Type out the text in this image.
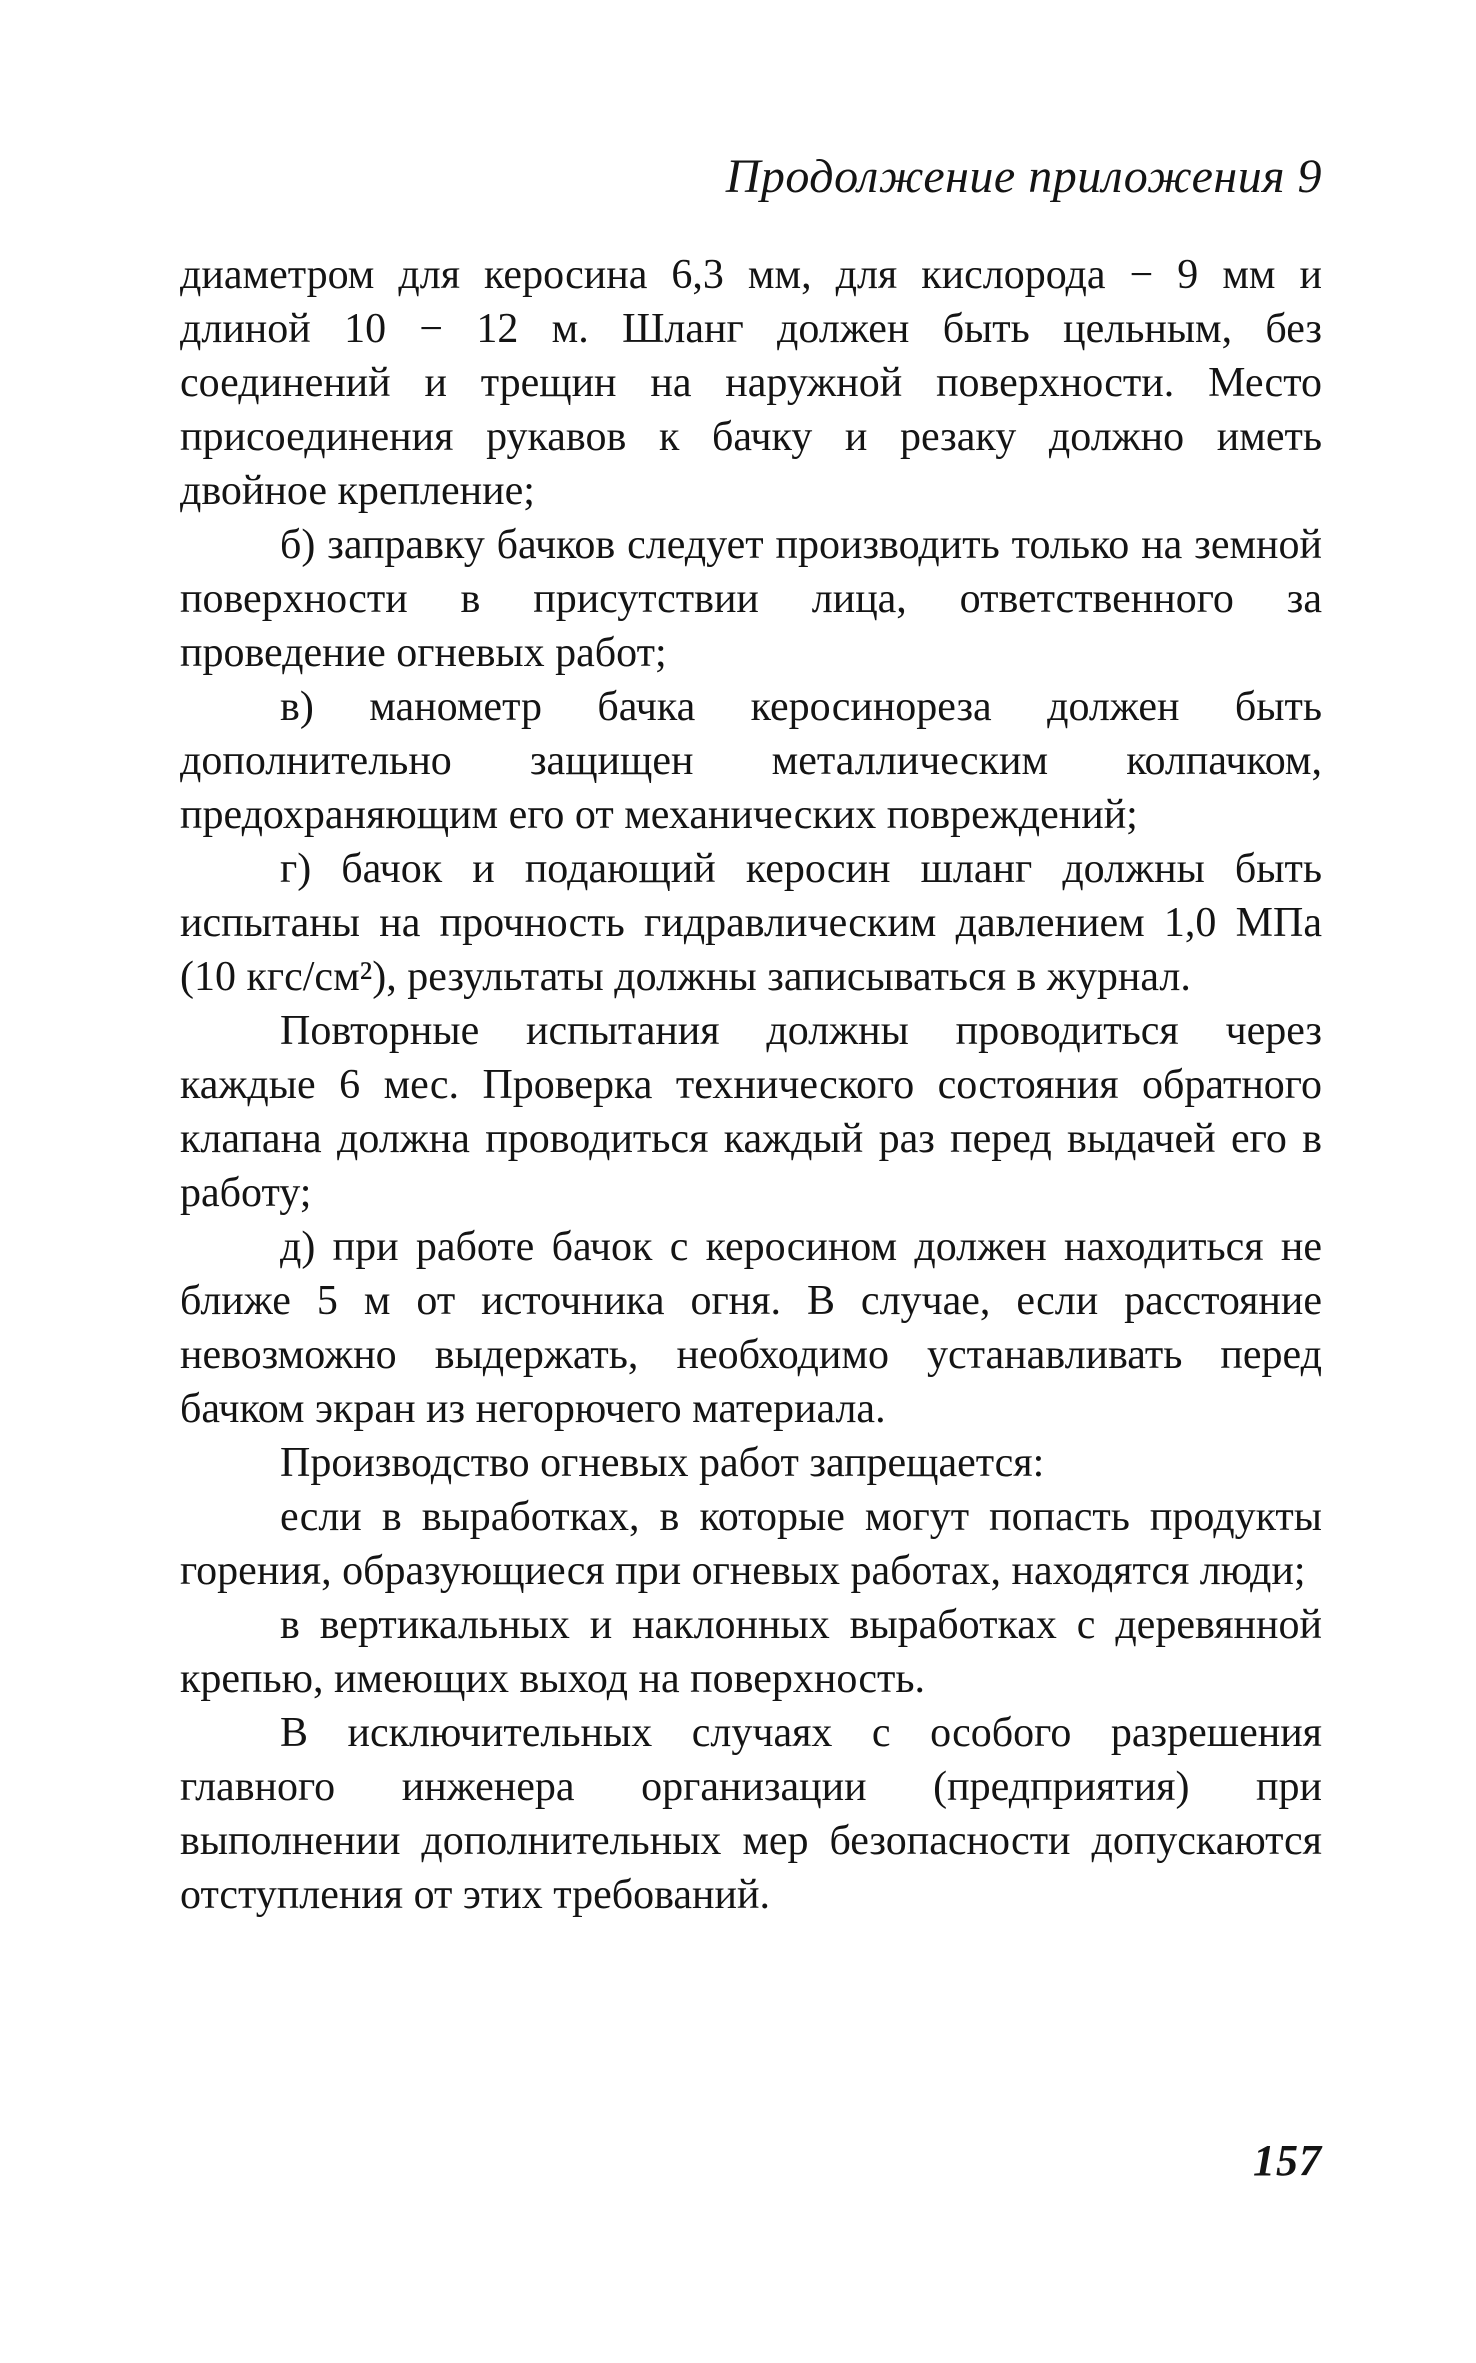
Продолжение приложения 9

диаметром для керосина 6,3 мм, для кислорода − 9 мм и длиной 10 − 12 м. Шланг должен быть цельным, без соединений и трещин на наружной поверхности. Место присоединения рукавов к бачку и резаку должно иметь двойное крепление;

б) заправку бачков следует производить только на земной поверхности в присутствии лица, ответственного за проведение огневых работ;

в) манометр бачка керосинореза должен быть дополнительно защищен металлическим колпачком, предохраняющим его от механических повреждений;

г) бачок и подающий керосин шланг должны быть испытаны на прочность гидравлическим давлением 1,0 МПа (10 кгс/см²), результаты должны записываться в журнал.

Повторные испытания должны проводиться через каждые 6 мес. Проверка технического состояния обратного клапана должна проводиться каждый раз перед выдачей его в работу;

д) при работе бачок с керосином должен находиться не ближе 5 м от источника огня. В случае, если расстояние невозможно выдержать, необходимо устанавливать перед бачком экран из негорючего материала.

Производство огневых работ запрещается:

если в выработках, в которые могут попасть продукты горения, образующиеся при огневых работах, находятся люди;

в вертикальных и наклонных выработках с деревянной крепью, имеющих выход на поверхность.

В исключительных случаях с особого разрешения главного инженера организации (предприятия) при выполнении дополнительных мер безопасности допускаются отступления от этих требований.

157
